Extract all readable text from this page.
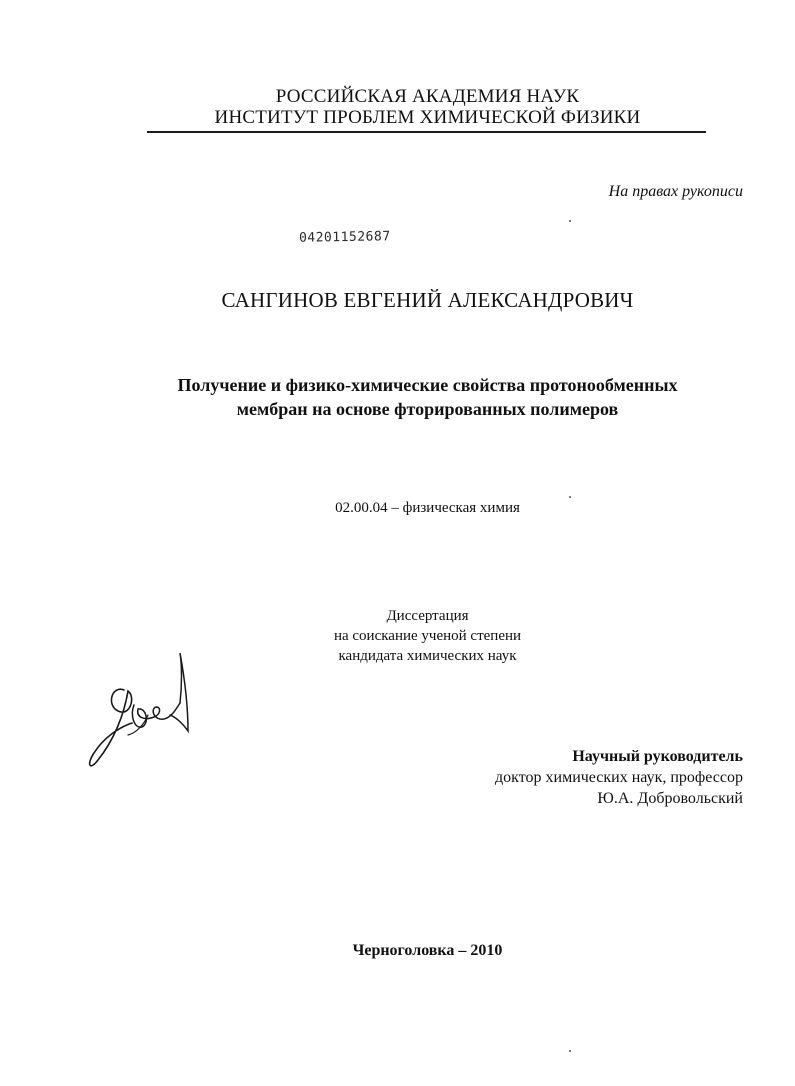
РОССИЙСКАЯ АКАДЕМИЯ НАУК
ИНСТИТУТ ПРОБЛЕМ ХИМИЧЕСКОЙ ФИЗИКИ
На правах рукописи
04201152687
САНГИНОВ ЕВГЕНИЙ АЛЕКСАНДРОВИЧ
Получение и физико-химические свойства протонообменных
мембран на основе фторированных полимеров
02.00.04 – физическая химия
Диссертация
на соискание ученой степени
кандидата химических наук
Научный руководитель
доктор химических наук, профессор
Ю.А. Добровольский
Черноголовка – 2010
